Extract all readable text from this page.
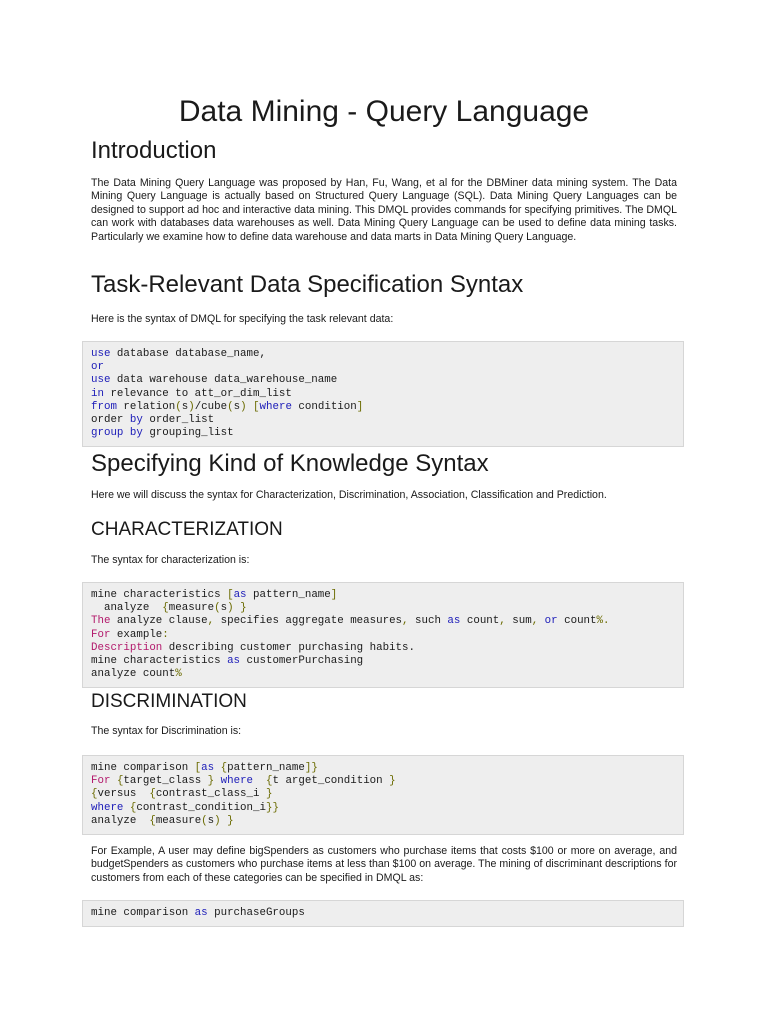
Data Mining - Query Language
Introduction

The Data Mining Query Language was proposed by Han, Fu, Wang, et al for the DBMiner data mining system. The Data Mining Query Language is actually based on Structured Query Language (SQL). Data Mining Query Languages can be designed to support ad hoc and interactive data mining. This DMQL provides commands for specifying primitives. The DMQL can work with databases data warehouses as well. Data Mining Query Language can be used to define data mining tasks. Particularly we examine how to define data warehouse and data marts in Data Mining Query Language.

Task-Relevant Data Specification Syntax

Here is the syntax of DMQL for specifying the task relevant data:

use database database_name,
or
use data warehouse data_warehouse_name
in relevance to att_or_dim_list
from relation(s)/cube(s) [where condition]
order by order_list
group by grouping_list
Specifying Kind of Knowledge Syntax

Here we will discuss the syntax for Characterization, Discrimination, Association, Classification and Prediction.

CHARACTERIZATION

The syntax for characterization is:

mine characteristics [as pattern_name]
analyze  {measure(s) }
The analyze clause, specifies aggregate measures, such as count, sum, or count%.
For example:
Description describing customer purchasing habits.
mine characteristics as customerPurchasing
analyze count%
DISCRIMINATION

The syntax for Discrimination is:

mine comparison [as {pattern_name]}
For {target_class } where {t arget_condition }
{versus  {contrast_class_i }
where {contrast_condition_i}}
analyze  {measure(s) }

For Example, A user may define bigSpenders as customers who purchase items that costs $100 or more on average, and budgetSpenders as customers who purchase items at less than $100 on average. The mining of discriminant descriptions for customers from each of these categories can be specified in DMQL as:

mine comparison as purchaseGroups
